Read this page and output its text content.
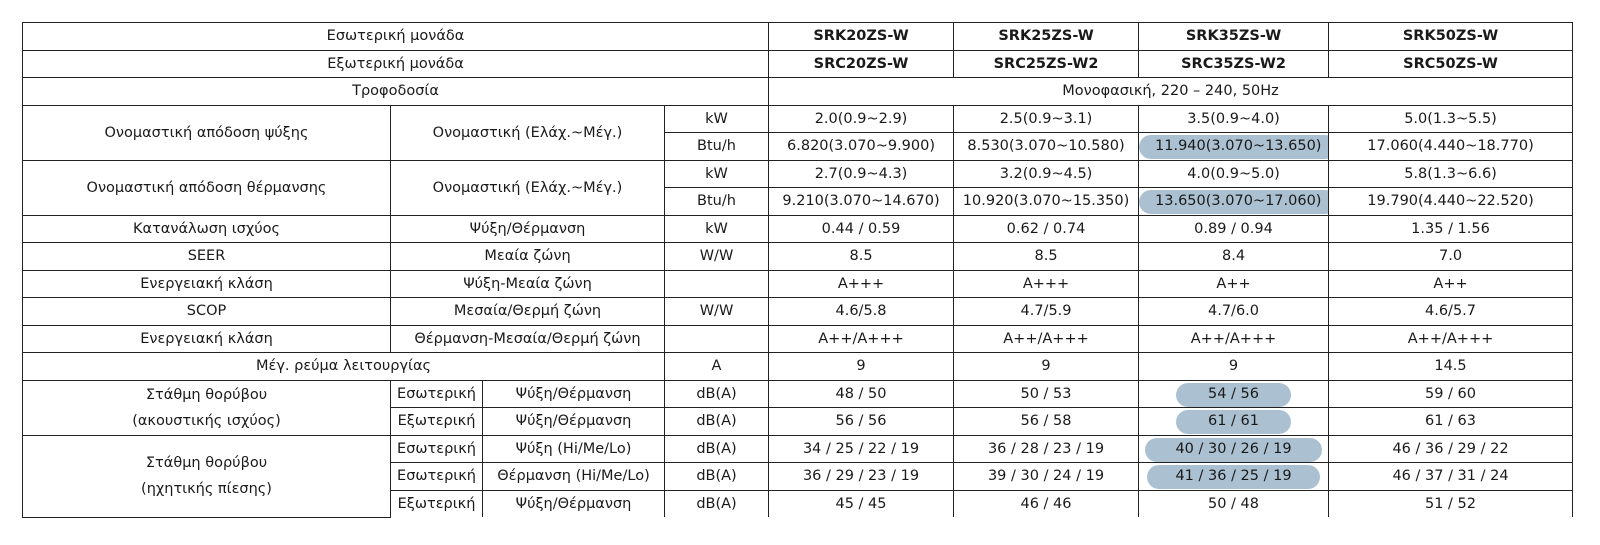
Εσωτερική μονάδα				SRK20ZS-W	SRK25ZS-W	SRK35ZS-W	SRK50ZS-W
Εξωτερική μονάδα				SRC20ZS-W	SRC25ZS-W2	SRC35ZS-W2	SRC50ZS-W
Τροφοδοσία				Μονοφασική, 220 – 240, 50Hz			
Ονομαστική απόδοση ψύξης	Ονομαστική (Ελάχ.~Μέγ.)		kW	2.0(0.9~2.9)	2.5(0.9~3.1)	3.5(0.9~4.0)	5.0(1.3~5.5)
			Btu/h	6.820(3.070~9.900)	8.530(3.070~10.580)	11.940(3.070~13.650)	17.060(4.440~18.770)
Ονομαστική απόδοση θέρμανσης	Ονομαστική (Ελάχ.~Μέγ.)		kW	2.7(0.9~4.3)	3.2(0.9~4.5)	4.0(0.9~5.0)	5.8(1.3~6.6)
			Btu/h	9.210(3.070~14.670)	10.920(3.070~15.350)	13.650(3.070~17.060)	19.790(4.440~22.520)
Κατανάλωση ισχύος	Ψύξη/Θέρμανση		kW	0.44 / 0.59	0.62 / 0.74	0.89 / 0.94	1.35 / 1.56
SEER	Μεαία ζώνη		W/W	8.5	8.5	8.4	7.0
Ενεργειακή κλάση	Ψύξη-Μεαία ζώνη			A+++	A+++	A++	A++
SCOP	Μεσαία/Θερμή ζώνη		W/W	4.6/5.8	4.7/5.9	4.7/6.0	4.6/5.7
Ενεργειακή κλάση	Θέρμανση-Μεσαία/Θερμή ζώνη			A++/A+++	A++/A+++	A++/A+++	A++/A+++
Μέγ. ρεύμα λειτουργίας			A	9	9	9	14.5

Στάθμη θορύβου
(ακουστικής ισχύος)	Εσωτερική	Ψύξη/Θέρμανση	dB(A)	48 / 50	50 / 53	54 / 56	59 / 60
	Εξωτερική	Ψύξη/Θέρμανση	dB(A)	56 / 56	56 / 58	61 / 61	61 / 63

Στάθμη θορύβου
(ηχητικής πίεσης)	Εσωτερική	Ψύξη (Hi/Me/Lo)	dB(A)	34 / 25 / 22 / 19	36 / 28 / 23 / 19	40 / 30 / 26 / 19	46 / 36 / 29 / 22
	Εσωτερική	Θέρμανση (Hi/Me/Lo)	dB(A)	36 / 29 / 23 / 19	39 / 30 / 24 / 19	41 / 36 / 25 / 19	46 / 37 / 31 / 24
	Εξωτερική	Ψύξη/Θέρμανση	dB(A)	45 / 45	46 / 46	50 / 48	51 / 52
